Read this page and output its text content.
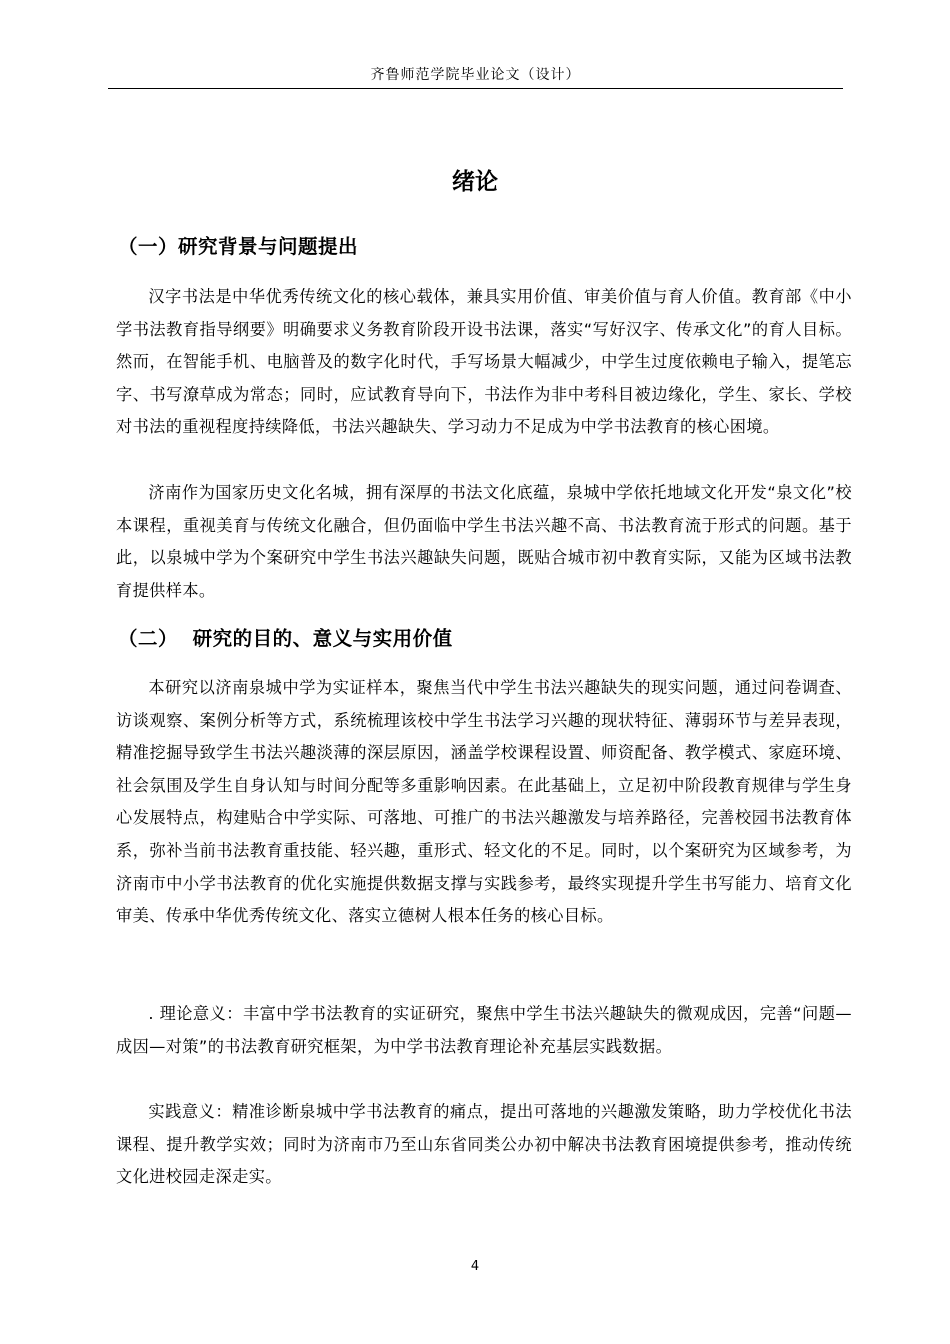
齐鲁师范学院毕业论文（设计）
绪论
（一）研究背景与问题提出
汉字书法是中华优秀传统文化的核心载体，兼具实用价值、审美价值与育人价值。教育部《中小学书法教育指导纲要》明确要求义务教育阶段开设书法课，落实“写好汉字、传承文化”的育人目标。然而，在智能手机、电脑普及的数字化时代，手写场景大幅减少，中学生过度依赖电子输入，提笔忘字、书写潦草成为常态；同时，应试教育导向下，书法作为非中考科目被边缘化，学生、家长、学校对书法的重视程度持续降低，书法兴趣缺失、学习动力不足成为中学书法教育的核心困境。
济南作为国家历史文化名城，拥有深厚的书法文化底蕴，泉城中学依托地域文化开发“泉文化”校本课程，重视美育与传统文化融合，但仍面临中学生书法兴趣不高、书法教育流于形式的问题。基于此，以泉城中学为个案研究中学生书法兴趣缺失问题，既贴合城市初中教育实际，又能为区域书法教育提供样本。
（二）  研究的目的、意义与实用价值
本研究以济南泉城中学为实证样本，聚焦当代中学生书法兴趣缺失的现实问题，通过问卷调查、访谈观察、案例分析等方式，系统梳理该校中学生书法学习兴趣的现状特征、薄弱环节与差异表现，精准挖掘导致学生书法兴趣淡薄的深层原因，涵盖学校课程设置、师资配备、教学模式、家庭环境、社会氛围及学生自身认知与时间分配等多重影响因素。在此基础上，立足初中阶段教育规律与学生身心发展特点，构建贴合中学实际、可落地、可推广的书法兴趣激发与培养路径，完善校园书法教育体系，弥补当前书法教育重技能、轻兴趣，重形式、轻文化的不足。同时，以个案研究为区域参考，为济南市中小学书法教育的优化实施提供数据支撑与实践参考，最终实现提升学生书写能力、培育文化审美、传承中华优秀传统文化、落实立德树人根本任务的核心目标。
. 理论意义：丰富中学书法教育的实证研究，聚焦中学生书法兴趣缺失的微观成因，完善“问题—成因—对策”的书法教育研究框架，为中学书法教育理论补充基层实践数据。
实践意义：精准诊断泉城中学书法教育的痛点，提出可落地的兴趣激发策略，助力学校优化书法课程、提升教学实效；同时为济南市乃至山东省同类公办初中解决书法教育困境提供参考，推动传统文化进校园走深走实。
4
